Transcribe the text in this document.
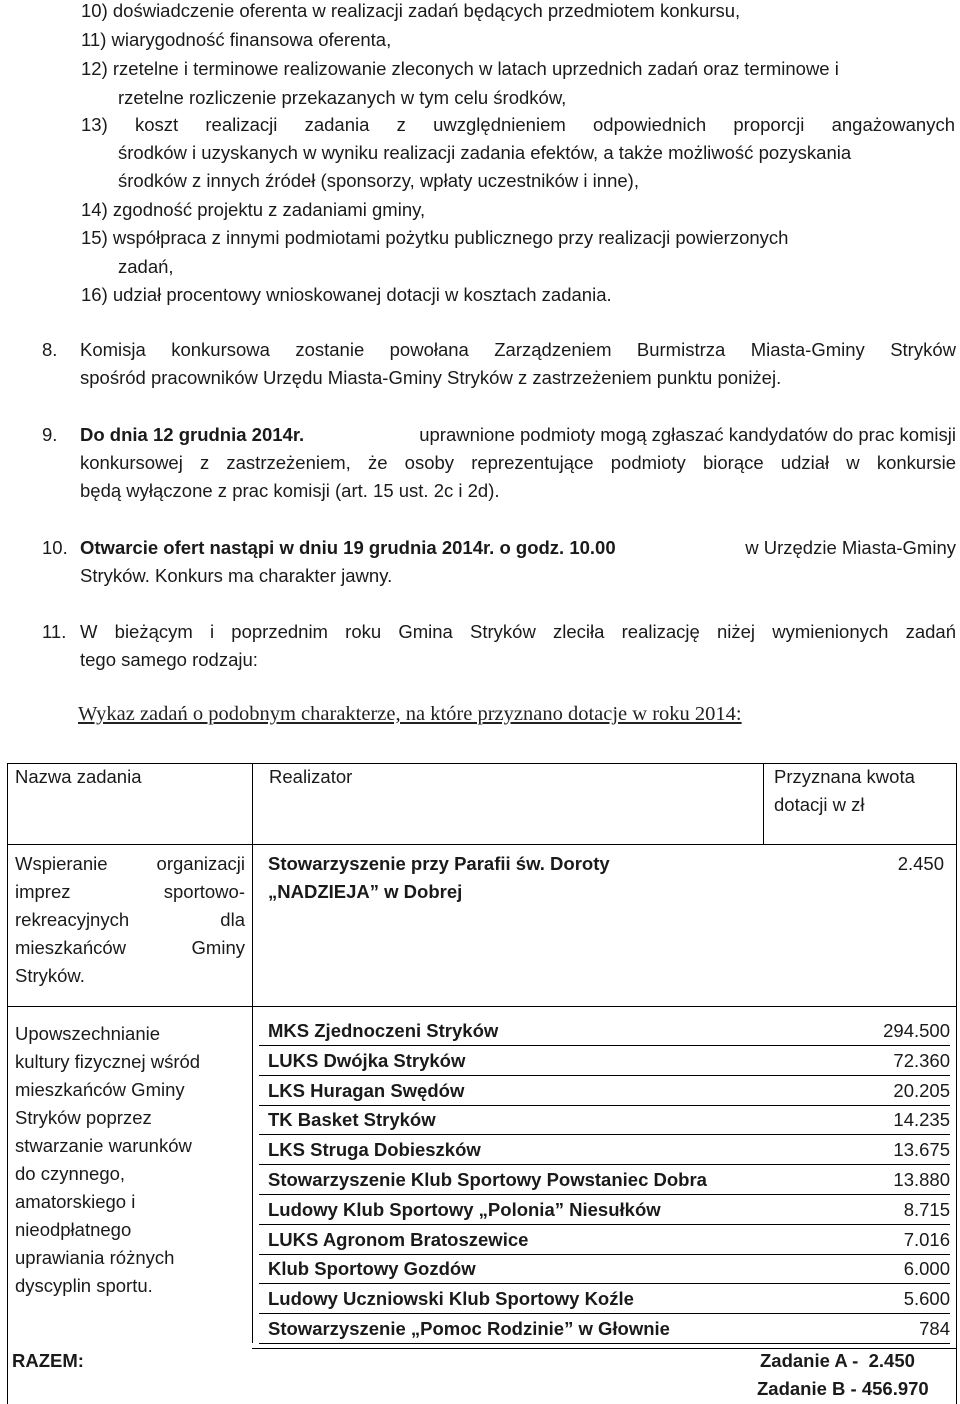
10) doświadczenie oferenta w realizacji zadań będących przedmiotem konkursu,
11) wiarygodność finansowa oferenta,
12) rzetelne i terminowe realizowanie zleconych w latach uprzednich zadań oraz terminowe i
rzetelne rozliczenie przekazanych w tym celu środków,
13) koszt realizacji zadania z uwzględnieniem odpowiednich proporcji angażowanych
środków i uzyskanych w wyniku realizacji zadania efektów, a także możliwość pozyskania
środków z innych źródeł (sponsorzy, wpłaty uczestników i inne),
14) zgodność projektu z zadaniami gminy,
15) współpraca z innymi podmiotami pożytku publicznego przy realizacji powierzonych
zadań,
16) udział procentowy wnioskowanej dotacji w kosztach zadania.
8. Komisja konkursowa zostanie powołana Zarządzeniem Burmistrza Miasta-Gminy Stryków
spośród pracowników Urzędu Miasta-Gminy Stryków z zastrzeżeniem punktu poniżej.
9. Do dnia 12 grudnia 2014r.	uprawnione podmioty mogą zgłaszać kandydatów do prac komisji
konkursowej z zastrzeżeniem, że osoby reprezentujące podmioty biorące udział w konkursie
będą wyłączone z prac komisji (art. 15 ust. 2c i 2d).
10. Otwarcie ofert nastąpi w dniu 19 grudnia 2014r. o godz. 10.00	w Urzędzie Miasta-Gminy
Stryków. Konkurs ma charakter jawny.
11. W bieżącym i poprzednim roku Gmina Stryków zleciła realizację niżej wymienionych zadań
tego samego rodzaju:
Wykaz zadań o podobnym charakterze, na które przyznano dotacje w roku 2014:
Nazwa zadania	Realizator	Przyznana kwota
dotacji w zł
Wspieranie organizacji
imprez sportowo-
rekreacyjnych dla
mieszkańców Gminy
Stryków.
Stowarzyszenie przy Parafii św. Doroty
„NADZIEJA” w Dobrej
2.450
Upowszechnianie
kultury fizycznej wśród
mieszkańców Gminy
Stryków poprzez
stwarzanie warunków
do czynnego,
amatorskiego i
nieodpłatnego
uprawiania różnych
dyscyplin sportu.
MKS Zjednoczeni Stryków	294.500
LUKS Dwójka Stryków	72.360
LKS Huragan Swędów	20.205
TK Basket Stryków	14.235
LKS Struga Dobieszków	13.675
Stowarzyszenie Klub Sportowy Powstaniec Dobra	13.880
Ludowy Klub Sportowy „Polonia” Niesułków	8.715
LUKS Agronom Bratoszewice	7.016
Klub Sportowy Gozdów	6.000
Ludowy Uczniowski Klub Sportowy Koźle	5.600
Stowarzyszenie „Pomoc Rodzinie” w Głownie	784
RAZEM:	Zadanie A -  2.450
Zadanie B - 456.970
